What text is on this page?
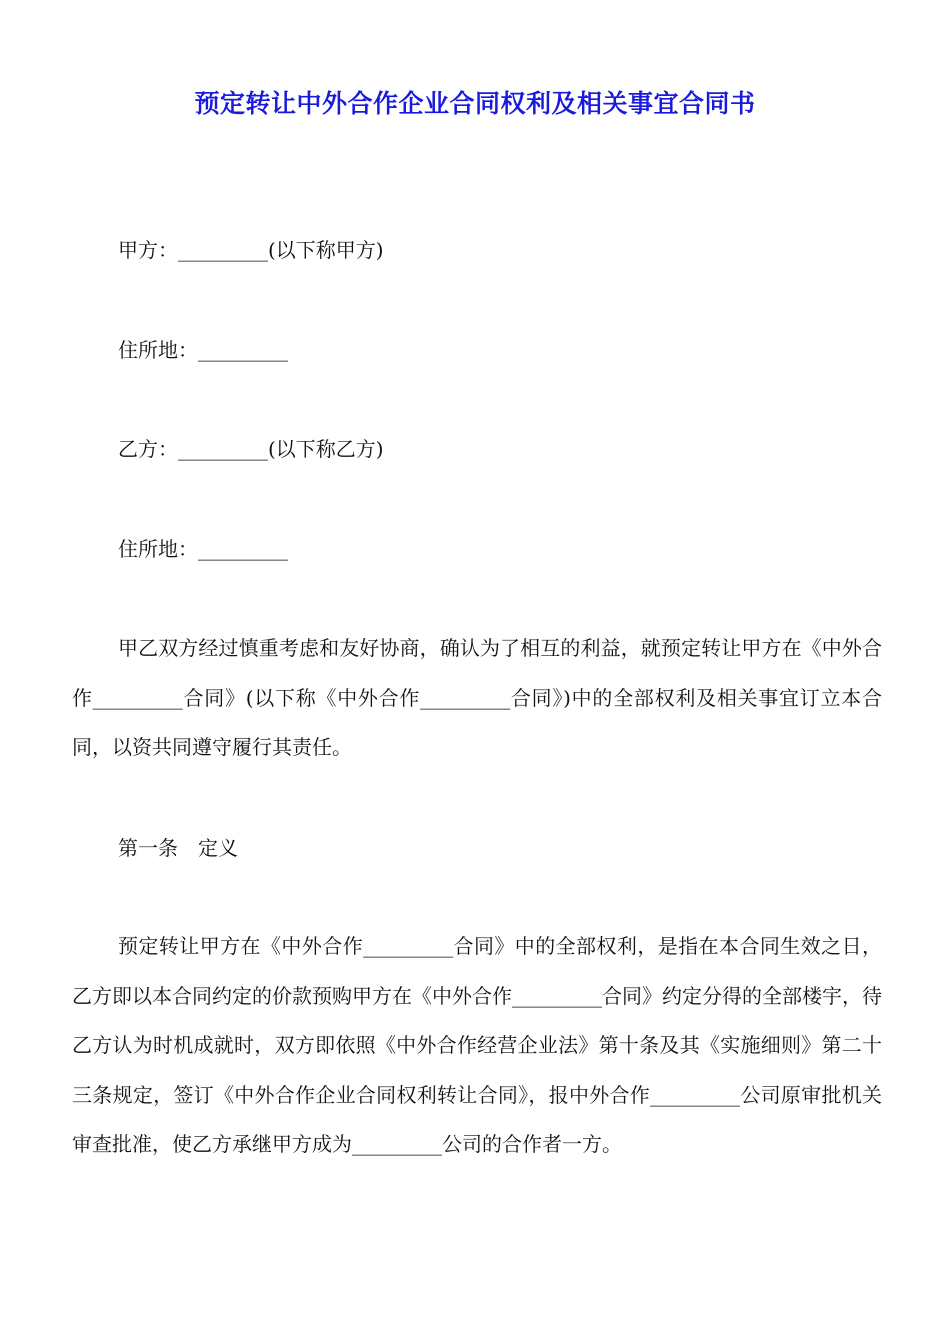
预定转让中外合作企业合同权利及相关事宜合同书
甲方：_________(以下称甲方)
住所地：_________
乙方：_________(以下称乙方)
住所地：_________
甲乙双方经过慎重考虑和友好协商，确认为了相互的利益，就预定转让甲方在《中外合作_________合同》(以下称《中外合作_________合同》)中的全部权利及相关事宜订立本合同，以资共同遵守履行其责任。
第一条　定义
预定转让甲方在《中外合作_________合同》中的全部权利，是指在本合同生效之日，乙方即以本合同约定的价款预购甲方在《中外合作_________合同》约定分得的全部楼宇，待乙方认为时机成就时，双方即依照《中外合作经营企业法》第十条及其《实施细则》第二十三条规定，签订《中外合作企业合同权利转让合同》，报中外合作_________公司原审批机关审查批准，使乙方承继甲方成为_________公司的合作者一方。
